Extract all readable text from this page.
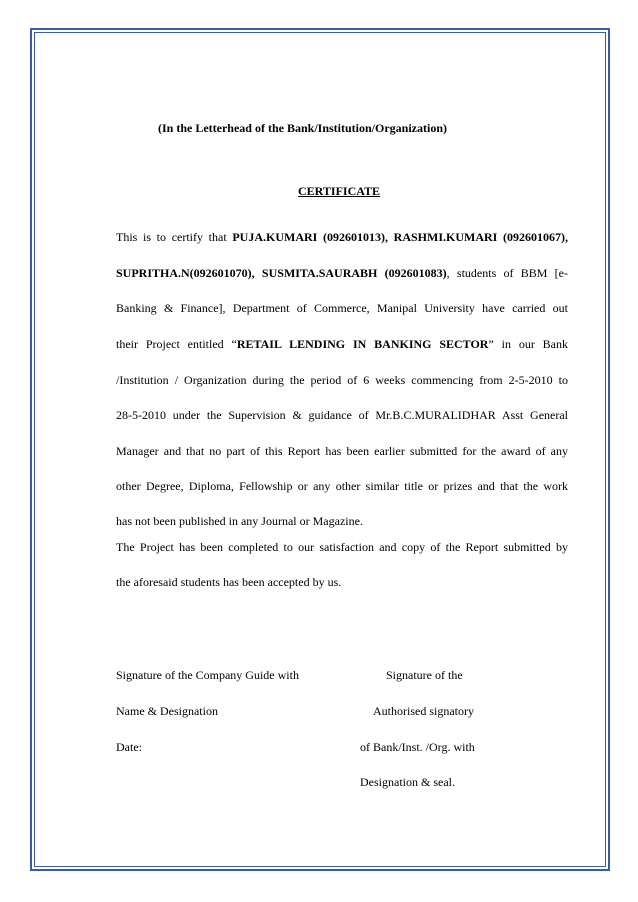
(In the Letterhead of the Bank/Institution/Organization)
CERTIFICATE
This is to certify that PUJA.KUMARI (092601013), RASHMI.KUMARI (092601067),
SUPRITHA.N(092601070), SUSMITA.SAURABH (092601083), students of BBM [e-
Banking & Finance], Department of Commerce, Manipal University have carried out
their Project entitled “RETAIL LENDING IN BANKING SECTOR” in our Bank
/Institution / Organization during the period of 6 weeks commencing from 2-5-2010 to
28-5-2010 under the Supervision & guidance of Mr.B.C.MURALIDHAR Asst General
Manager and that no part of this Report has been earlier submitted for the award of any
other Degree, Diploma, Fellowship or any other similar title or prizes and that the work
has not been published in any Journal or Magazine.
The Project has been completed to our satisfaction and copy of the Report submitted by
the aforesaid students has been accepted by us.
Signature of the Company Guide with
Name & Designation
Date:
Signature of the
Authorised signatory
of Bank/Inst. /Org. with
Designation & seal.
